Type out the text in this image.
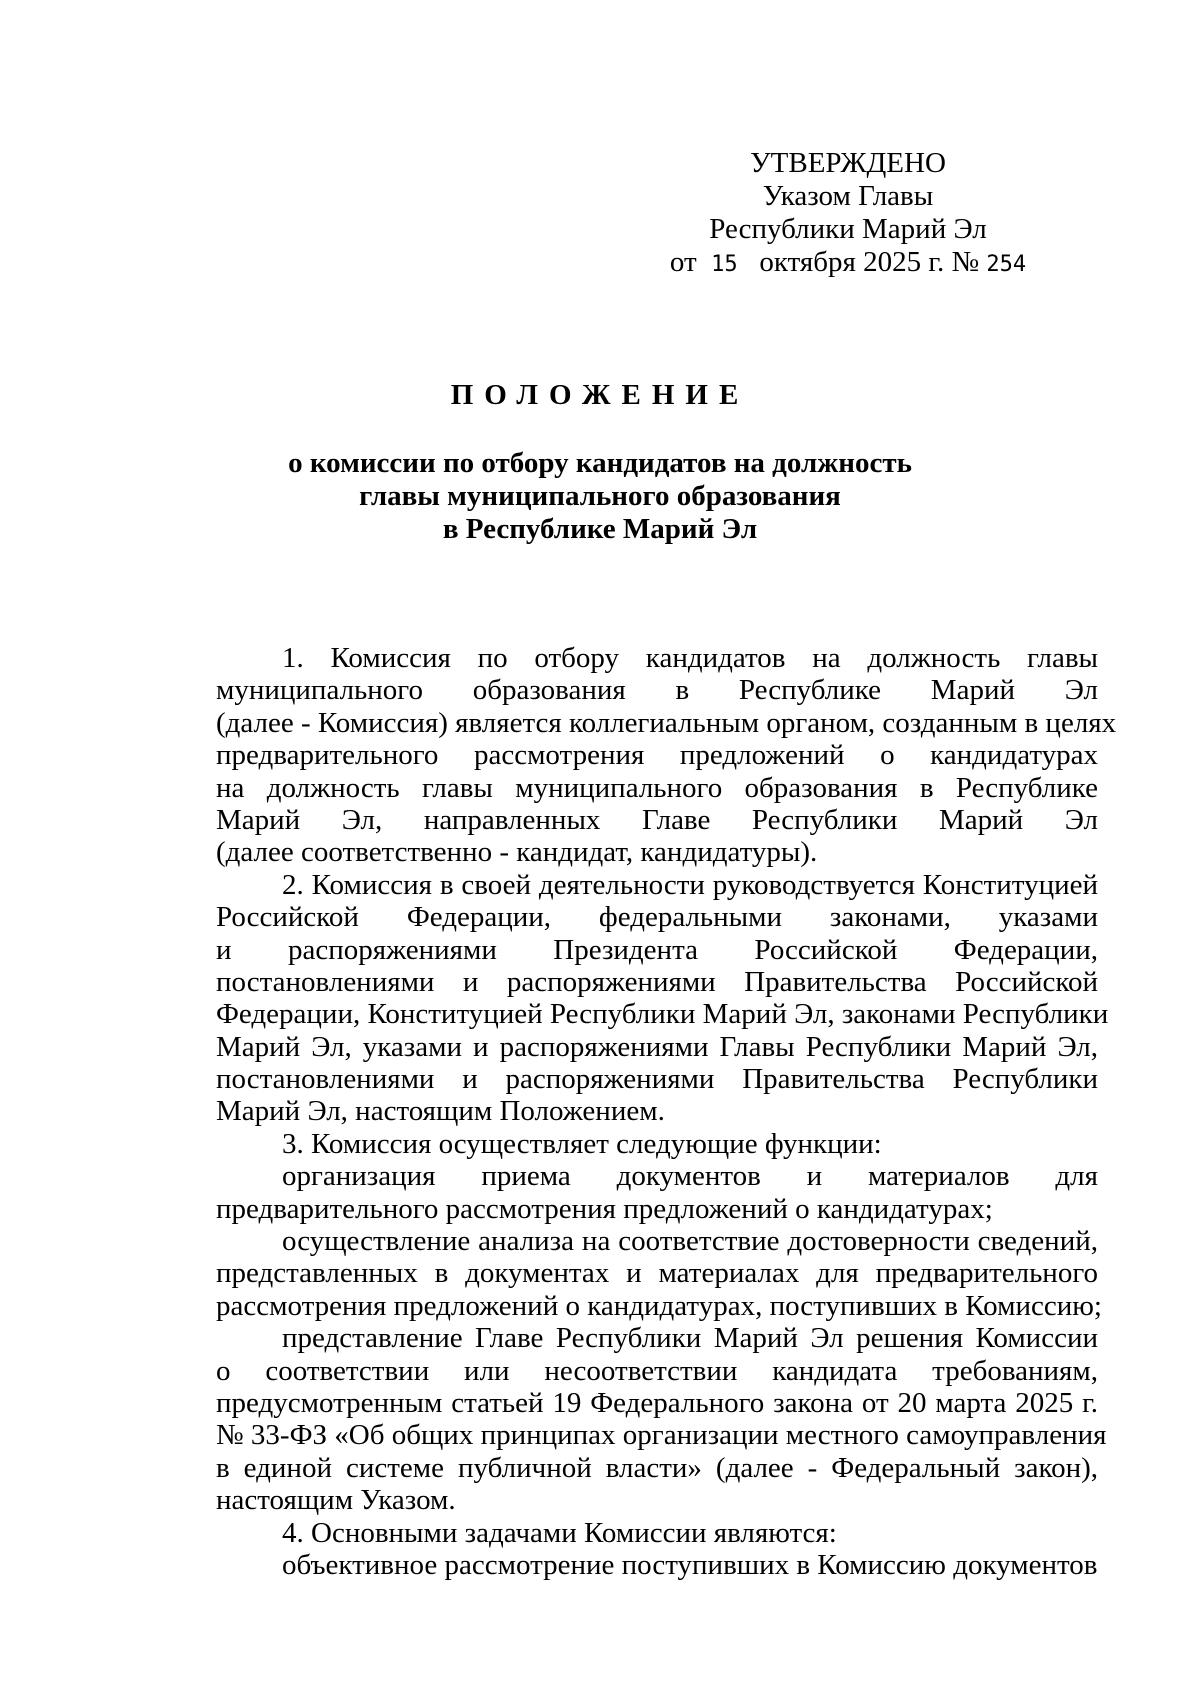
УТВЕРЖДЕНО
Указом Главы
Республики Марий Эл
от 15 октября 2025 г. № 254
ПОЛОЖЕНИЕ
о комиссии по отбору кандидатов на должность
главы муниципального образования
в Республике Марий Эл
1. Комиссия по отбору кандидатов на должность главы
муниципального образования в Республике Марий Эл
(далее - Комиссия) является коллегиальным органом, созданным в целях
предварительного рассмотрения предложений о кандидатурах
на должность главы муниципального образования в Республике
Марий Эл, направленных Главе Республики Марий Эл
(далее соответственно - кандидат, кандидатуры).
2. Комиссия в своей деятельности руководствуется Конституцией
Российской Федерации, федеральными законами, указами
и распоряжениями Президента Российской Федерации,
постановлениями и распоряжениями Правительства Российской
Федерации, Конституцией Республики Марий Эл, законами Республики
Марий Эл, указами и распоряжениями Главы Республики Марий Эл,
постановлениями и распоряжениями Правительства Республики
Марий Эл, настоящим Положением.
3. Комиссия осуществляет следующие функции:
организация приема документов и материалов для
предварительного рассмотрения предложений о кандидатурах;
осуществление анализа на соответствие достоверности сведений,
представленных в документах и материалах для предварительного
рассмотрения предложений о кандидатурах, поступивших в Комиссию;
представление Главе Республики Марий Эл решения Комиссии
о соответствии или несоответствии кандидата требованиям,
предусмотренным статьей 19 Федерального закона от 20 марта 2025 г.
№ 33-ФЗ «Об общих принципах организации местного самоуправления
в единой системе публичной власти» (далее - Федеральный закон),
настоящим Указом.
4. Основными задачами Комиссии являются:
объективное рассмотрение поступивших в Комиссию документов
